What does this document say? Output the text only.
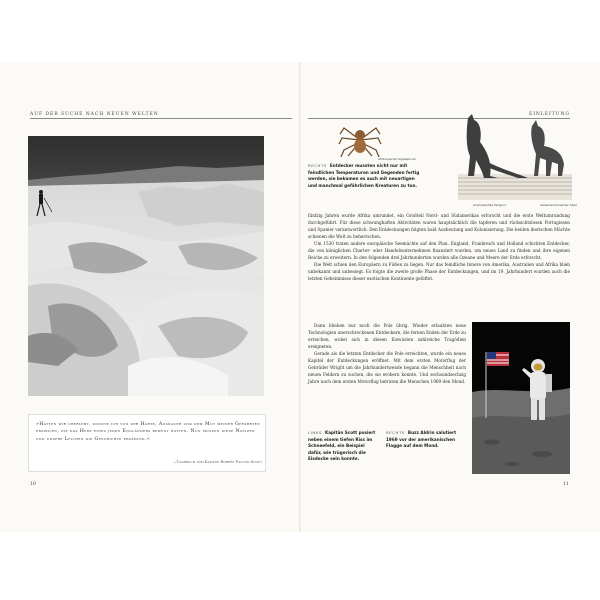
AUF DER SUCHE NACH NEUEN WELTEN	EINLEITUNG
»Hätten wir überlebt, könnte ich von der Härte, Ausdauer und dem Mut meiner Gefährten erzählen, die das Herz eines jeden Engländers bewegt hätten. Nun müssen diese Notizen und unsere Leichen die Geschichte erzählen.«
—Tagebuch von Kapitän Robert Falcon Scott
10
Afrikanische Vogelspinne
RECHTS Entdecker mussten nicht nur mit feindlichen Temperaturen und Gegenden fertig werden, sie bekamen es auch mit neuartigen und manchmal gefährlichen Kreaturen zu tun.
Australisches Känguru	Südamerikanischer Tapir

fünfzig Jahren wurde Afrika umrundet, ein Großteil Nord- und Südamerikas erforscht und die erste Weltumrundung durchgeführt. Für diese schwunghaften Aktivitäten waren hauptsächlich die tapferen und rücksichtslosen Portugiesen und Spanier verantwortlich. Den Entdeckungen folgten bald Ausbeutung und Kolonisierung. Die beiden iberischen Mächte schienen die Welt zu beherrschen.

Um 1530 traten andere europäische Seemächte auf den Plan. England, Frankreich und Holland schickten Entdecker, die von königlichen Charter- oder Handelsunternehmen finanziert wurden, um neues Land zu finden und ihre eigenen Reiche zu erweitern. In den folgenden drei Jahrhunderten wurden alle Ozeane und Meere der Erde erforscht.

Die Welt schien den Europäern zu Füßen zu liegen. Nur das feindliche Innere von Amerika, Australien und Afrika blieb unbekannt und unbesiegt. Es folgte die zweite große Phase der Entdeckungen, und im 19. Jahrhundert wurden auch die letzten Geheimnisse dieser exotischen Kontinente gelüftet.

Dann blieben nur noch die Pole übrig. Wieder erlaubten neue Technologien unerschrockenen Entdeckern, die fernen Enden der Erde zu erreichen, wobei sich in diesen Eiswüsten zahlreiche Tragödien ereigneten.

Gerade als die letzten Entdecker die Pole erreichten, wurde ein neues Kapitel der Entdeckungen eröffnet. Mit dem ersten Motorflug der Gebrüder Wright um die Jahrhundertwende begann die Menschheit nach neuen Feldern zu suchen, die sie erobern konnte. Und sechsundsechzig Jahre nach dem ersten Motorflug betraten die Menschen 1969 den Mond.

LINKS Kapitän Scott posiert neben einem tiefen Riss im Schneefeld, ein Beispiel dafür, wie trügerisch die Eisdecke sein konnte.
RECHTS Buzz Aldrin salutiert 1969 vor der amerikanischen Flagge auf dem Mond.
11
